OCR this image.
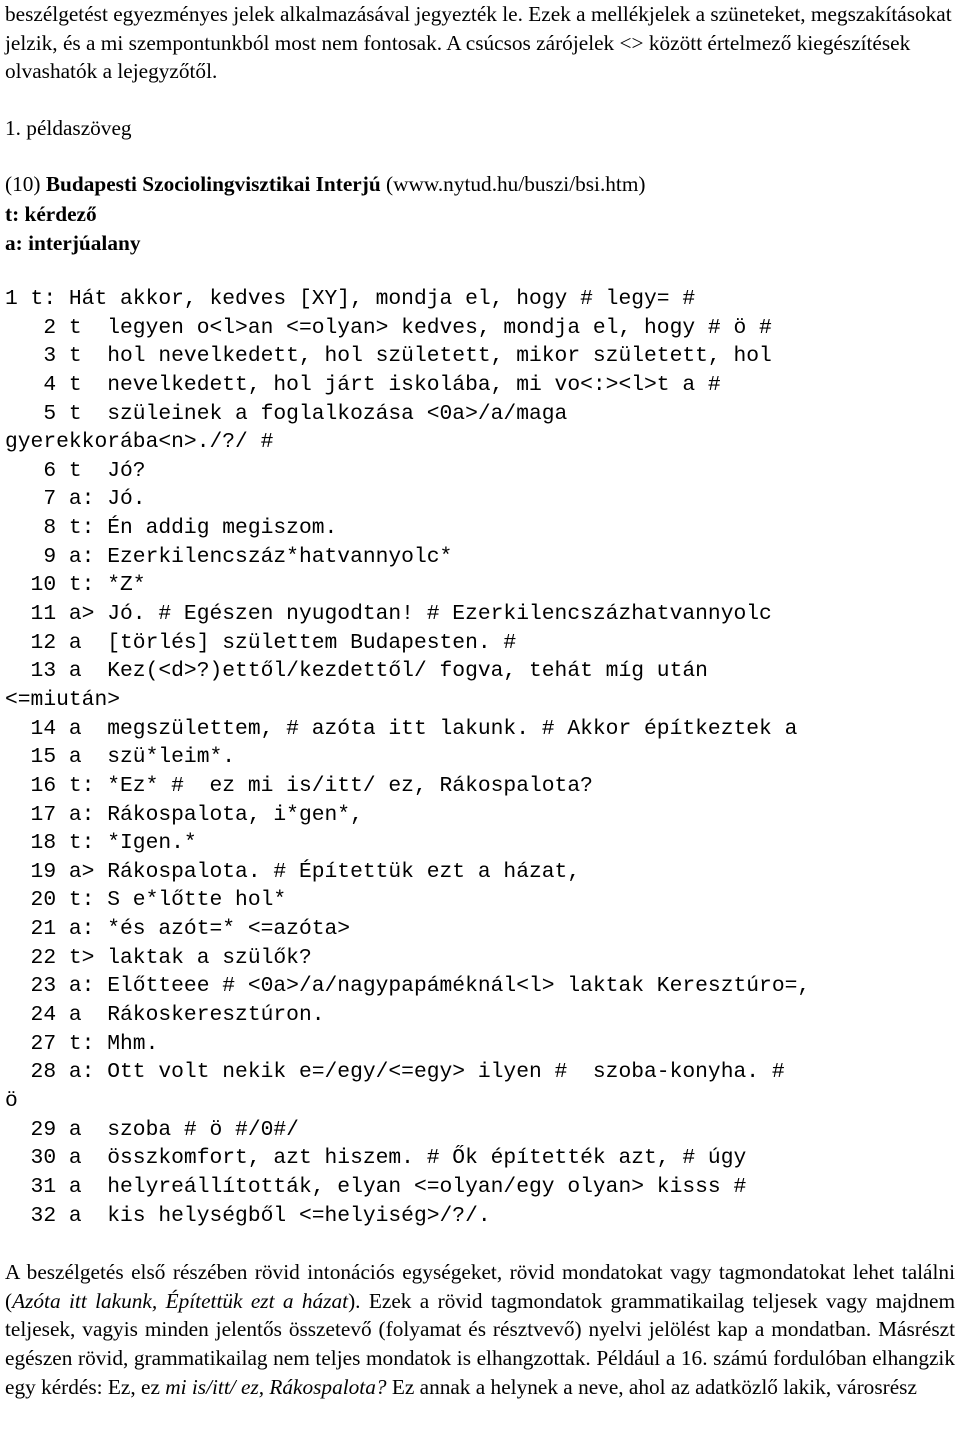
beszélgetést egyezményes jelek alkalmazásával jegyezték le. Ezek a mellékjelek a szüneteket, megszakításokat jelzik, és a mi szempontunkból most nem fontosak. A csúcsos zárójelek <> között értelmező kiegészítések olvashatók a lejegyzőtől.
1. példaszöveg
(10) Budapesti Szociolingvisztikai Interjú (www.nytud.hu/buszi/bsi.htm)
t: kérdező
a: interjúalany
1 t: Hát akkor, kedves [XY], mondja el, hogy # legy= #
2 t  legyen o<l>an <=olyan> kedves, mondja el, hogy # ö #
3 t  hol nevelkedett, hol született, mikor született, hol
4 t  nevelkedett, hol járt iskolába, mi vo<:><l>t a #
5 t  szüleinek a foglalkozása <0a>/a/maga
gyerekkorába<n>./?/ #
6 t  Jó?
7 a: Jó.
8 t: Én addig megiszom.
9 a: Ezerkilencszáz*hatvannyolc*
10 t: *Z*
11 a> Jó. # Egészen nyugodtan! # Ezerkilencszázhatvannyolc
12 a  [törlés] születtem Budapesten. #
13 a  Kez(<d>?)ettől/kezdettől/ fogva, tehát míg után
<=miután>
14 a  megszülettem, # azóta itt lakunk. # Akkor építkeztek a
15 a  szü*leim*.
16 t: *Ez* #  ez mi is/itt/ ez, Rákospalota?
17 a: Rákospalota, i*gen*,
18 t: *Igen.*
19 a> Rákospalota. # Építettük ezt a házat,
20 t: S e*lőtte hol*
21 a: *és azót=* <=azóta>
22 t> laktak a szülők?
23 a: Előtteee # <0a>/a/nagypapáméknál<l> laktak Keresztúro=,
24 a  Rákoskeresztúron.
27 t: Mhm.
28 a: Ott volt nekik e=/egy/<=egy> ilyen #  szoba-konyha. #
ö
29 a  szoba # ö #/0#/
30 a  összkomfort, azt hiszem. # Ők építették azt, # úgy
31 a  helyreállították, elyan <=olyan/egy olyan> kisss #
32 a  kis helységből <=helyiség>/?/.
A beszélgetés első részében rövid intonációs egységeket, rövid mondatokat vagy tagmondatokat lehet találni (Azóta itt lakunk, Építettük ezt a házat). Ezek a rövid tagmondatok grammatikailag teljesek vagy majdnem teljesek, vagyis minden jelentős összetevő (folyamat és résztvevő) nyelvi jelölést kap a mondatban. Másrészt egészen rövid, grammatikailag nem teljes mondatok is elhangzottak. Például a 16. számú fordulóban elhangzik egy kérdés: Ez, ez mi is/itt/ ez, Rákospalota? Ez annak a helynek a neve, ahol az adatközlő lakik, városrész
